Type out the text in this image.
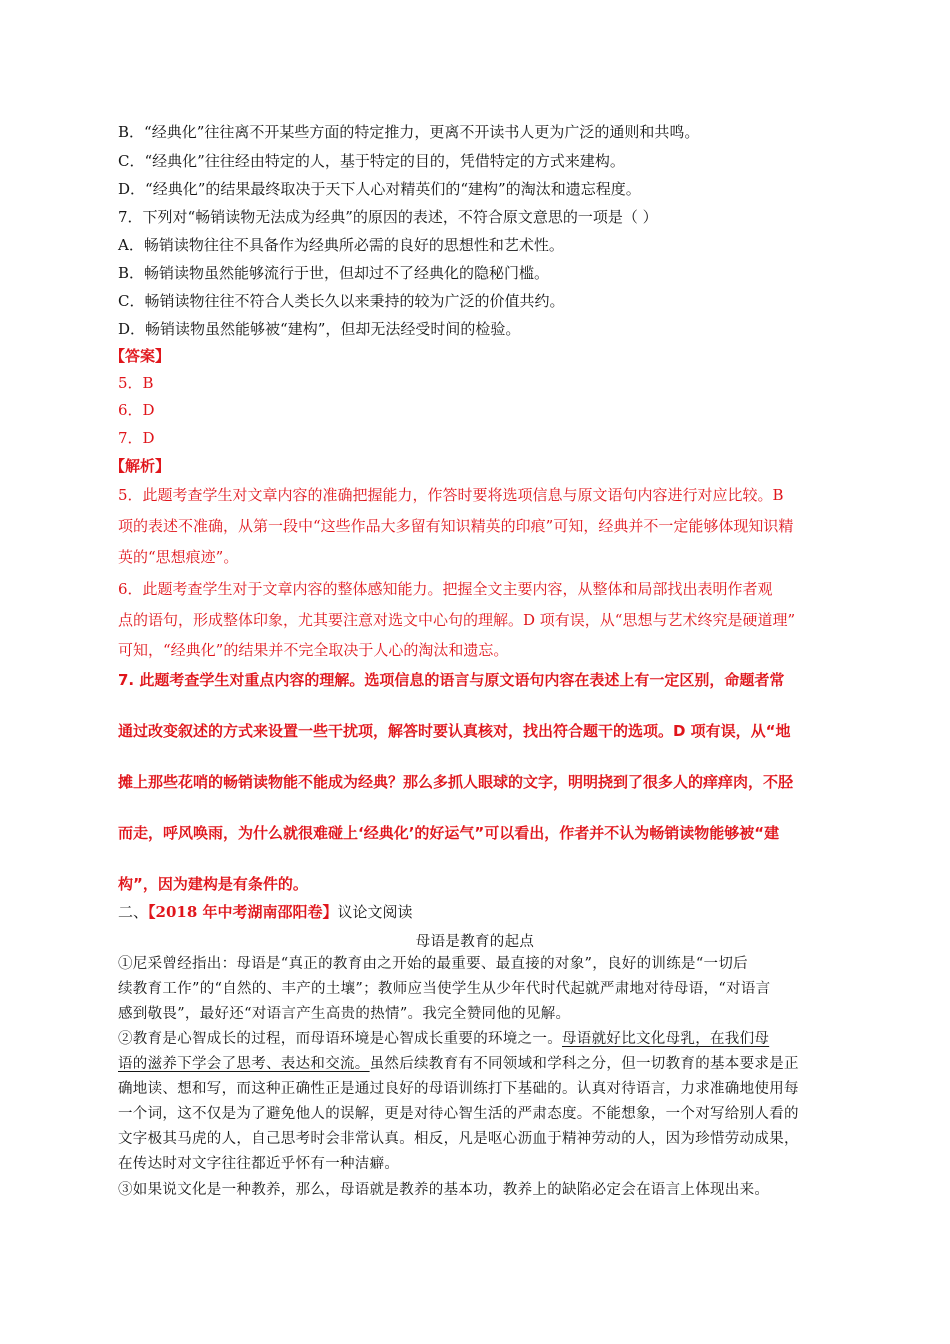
B．“经典化”往往离不开某些方面的特定推力，更离不开读书人更为广泛的通则和共鸣。
C．“经典化”往往经由特定的人，基于特定的目的，凭借特定的方式来建构。
D．“经典化”的结果最终取决于天下人心对精英们的“建构”的淘汰和遗忘程度。
7．下列对“畅销读物无法成为经典”的原因的表述，不符合原文意思的一项是（ ）
A．畅销读物往往不具备作为经典所必需的良好的思想性和艺术性。
B．畅销读物虽然能够流行于世，但却过不了经典化的隐秘门槛。
C．畅销读物往往不符合人类长久以来秉持的较为广泛的价值共约。
D．畅销读物虽然能够被“建构”，但却无法经受时间的检验。
【答案】
5．B
6．D
7．D
【解析】
5．此题考查学生对文章内容的准确把握能力，作答时要将选项信息与原文语句内容进行对应比较。B
项的表述不准确，从第一段中“这些作品大多留有知识精英的印痕”可知，经典并不一定能够体现知识精
英的“思想痕迹”。
6．此题考查学生对于文章内容的整体感知能力。把握全文主要内容，从整体和局部找出表明作者观
点的语句，形成整体印象，尤其要注意对选文中心句的理解。D 项有误，从“思想与艺术终究是硬道理”
可知，“经典化”的结果并不完全取决于人心的淘汰和遗忘。
7. 此题考查学生对重点内容的理解。选项信息的语言与原文语句内容在表述上有一定区别，命题者常
通过改变叙述的方式来设置一些干扰项，解答时要认真核对，找出符合题干的选项。D 项有误，从“地
摊上那些花哨的畅销读物能不能成为经典？那么多抓人眼球的文字，明明挠到了很多人的痒痒肉，不胫
而走，呼风唤雨，为什么就很难碰上‘经典化’的好运气”可以看出，作者并不认为畅销读物能够被“建
构”，因为建构是有条件的。
二、【2018 年中考湖南邵阳卷】议论文阅读
母语是教育的起点
①尼采曾经指出：母语是“真正的教育由之开始的最重要、最直接的对象”，良好的训练是“一切后
续教育工作”的“自然的、丰产的土壤”；教师应当使学生从少年代时代起就严肃地对待母语，“对语言
感到敬畏”，最好还“对语言产生高贵的热情”。我完全赞同他的见解。
②教育是心智成长的过程，而母语环境是心智成长重要的环境之一。母语就好比文化母乳，在我们母
语的滋养下学会了思考、表达和交流。虽然后续教育有不同领域和学科之分，但一切教育的基本要求是正
确地读、想和写，而这种正确性正是通过良好的母语训练打下基础的。认真对待语言，力求准确地使用每
一个词，这不仅是为了避免他人的误解，更是对待心智生活的严肃态度。不能想象，一个对写给别人看的
文字极其马虎的人，自己思考时会非常认真。相反，凡是呕心沥血于精神劳动的人，因为珍惜劳动成果，
在传达时对文字往往都近乎怀有一种洁癖。
③如果说文化是一种教养，那么，母语就是教养的基本功，教养上的缺陷必定会在语言上体现出来。
